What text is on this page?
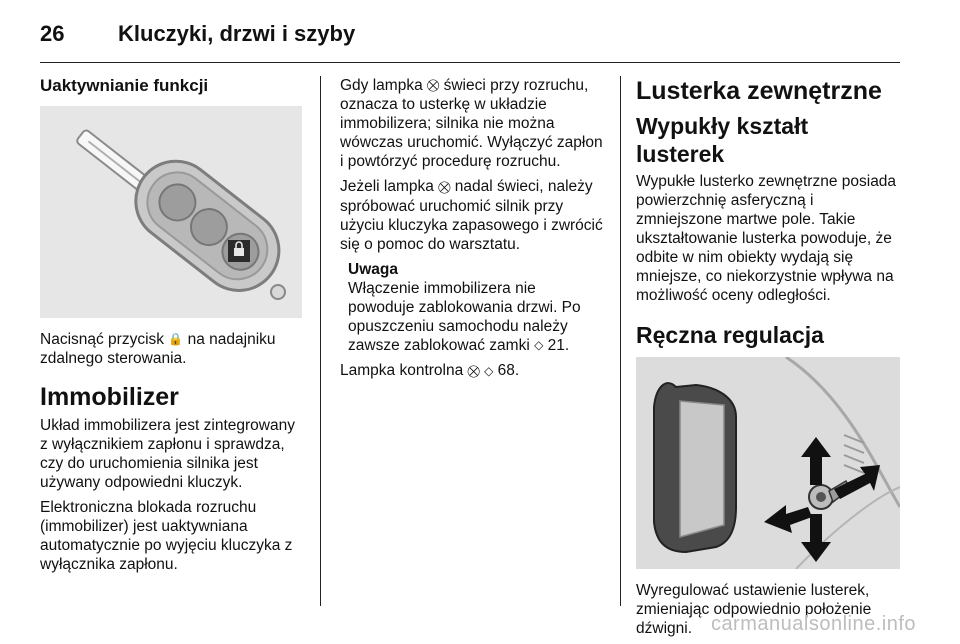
26	Kluczyki, drzwi i szyby
Uaktywnianie funkcji

Nacisnąć przycisk 🔒 na nadajniku zdalnego sterowania.

Immobilizer

Układ immobilizera jest zintegrowany z wyłącznikiem zapłonu i sprawdza, czy do uruchomienia silnika jest używany odpowiedni kluczyk.

Elektroniczna blokada rozruchu (immobilizer) jest uaktywniana automatycznie po wyjęciu kluczyka z wyłącznika zapłonu.

Gdy lampka ⛒ świeci przy rozruchu, oznacza to usterkę w układzie immobilizera; silnika nie można wówczas uruchomić. Wyłączyć zapłon i powtórzyć procedurę rozruchu.

Jeżeli lampka ⛒ nadal świeci, należy spróbować uruchomić silnik przy użyciu kluczyka zapasowego i zwrócić się o pomoc do warsztatu.

Uwaga

Włączenie immobilizera nie powoduje zablokowania drzwi. Po opuszczeniu samochodu należy zawsze zablokować zamki ◇ 21.

Lampka kontrolna ⛒ ◇ 68.

Lusterka zewnętrzne
Wypukły kształt lusterek

Wypukłe lusterko zewnętrzne posiada powierzchnię asferyczną i zmniejszone martwe pole. Takie ukształtowanie lusterka powoduje, że odbite w nim obiekty wydają się mniejsze, co niekorzystnie wpływa na możliwość oceny odległości.

Ręczna regulacja

Wyregulować ustawienie lusterek, zmieniając odpowiednio położenie dźwigni. carmanualsonline.info
